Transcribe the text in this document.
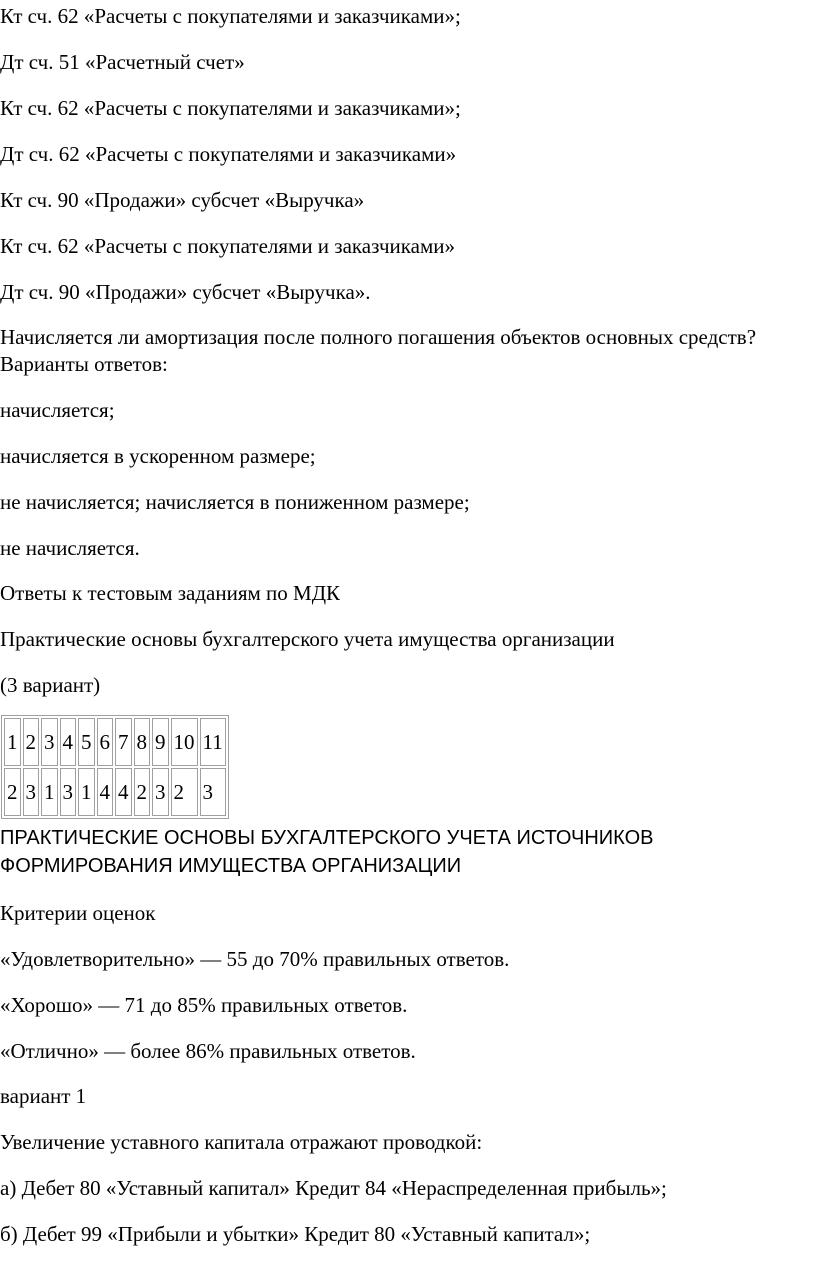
Кт сч. 62 «Расчеты с покупателями и заказчиками»;
Дт сч. 51 «Расчетный счет»
Кт сч. 62 «Расчеты с покупателями и заказчиками»;
Дт сч. 62 «Расчеты с покупателями и заказчиками»
Кт сч. 90 «Продажи» субсчет «Выручка»
Кт сч. 62 «Расчеты с покупателями и заказчиками»
Дт сч. 90 «Продажи» субсчет «Выручка».
Начисляется ли амортизация после полного погашения объектов основных средств?
Варианты ответов:
начисляется;
начисляется в ускоренном размере;
не начисляется; начисляется в пониженном размере;
не начисляется.
Ответы к тестовым заданиям по МДК
Практические основы бухгалтерского учета имущества организации
(3 вариант)
1	2	3	4	5	6	7	8	9	10	11
2	3	1	3	1	4	4	2	3	2	3
ПРАКТИЧЕСКИЕ ОСНОВЫ БУХГАЛТЕРСКОГО УЧЕТА ИСТОЧНИКОВ
ФОРМИРОВАНИЯ ИМУЩЕСТВА ОРГАНИЗАЦИИ
Критерии оценок
«Удовлетворительно» — 55 до 70% правильных ответов.
«Хорошо» — 71 до 85% правильных ответов.
«Отлично» — более 86% правильных ответов.
вариант 1
Увеличение уставного капитала отражают проводкой:
а) Дебет 80 «Уставный капитал» Кредит 84 «Нераспределенная прибыль»;
б) Дебет 99 «Прибыли и убытки» Кредит 80 «Уставный капитал»;
